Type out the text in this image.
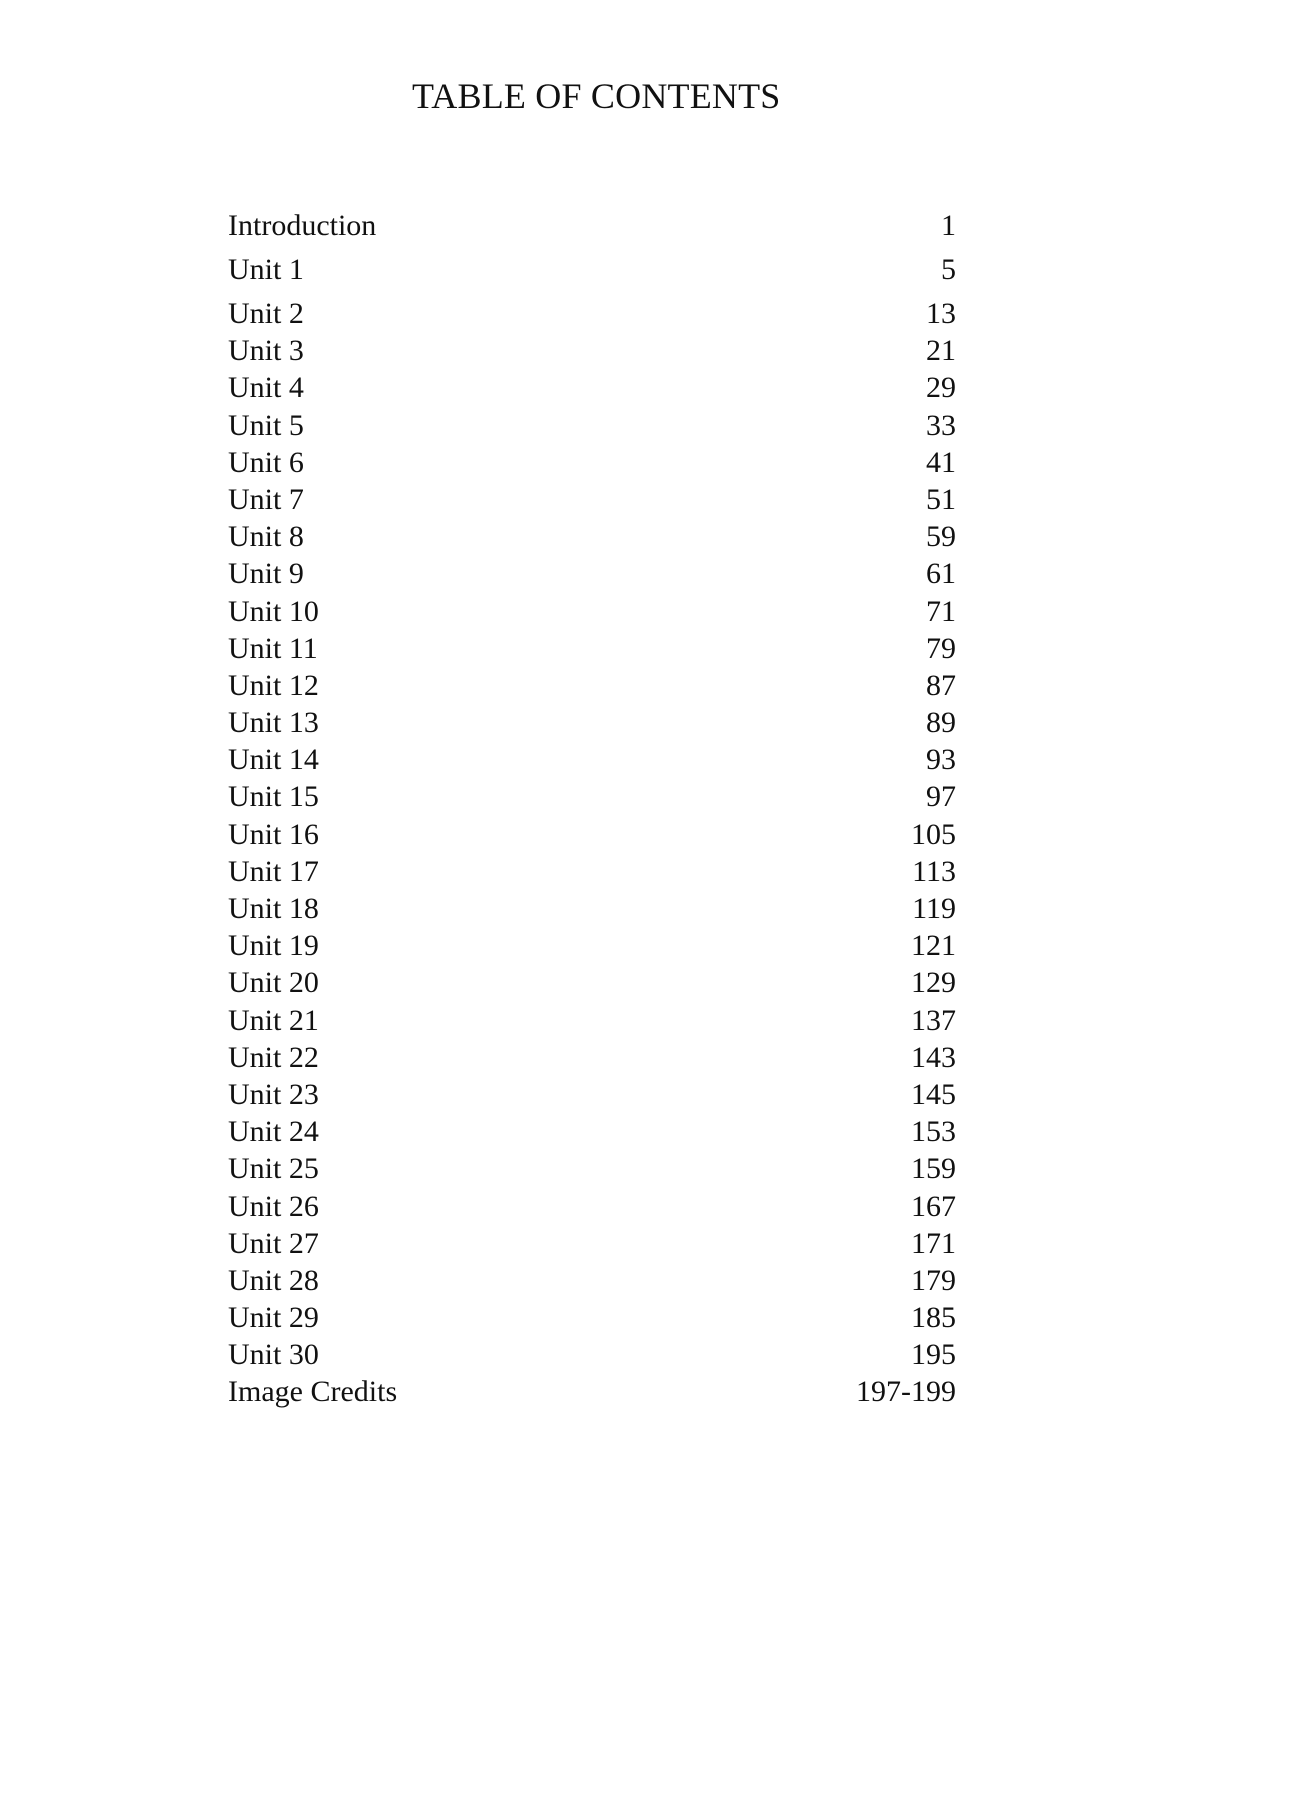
TABLE OF CONTENTS
Introduction	1
Unit 1	5
Unit 2	13
Unit 3	21
Unit 4	29
Unit 5	33
Unit 6	41
Unit 7	51
Unit 8	59
Unit 9	61
Unit 10	71
Unit 11	79
Unit 12	87
Unit 13	89
Unit 14	93
Unit 15	97
Unit 16	105
Unit 17	113
Unit 18	119
Unit 19	121
Unit 20	129
Unit 21	137
Unit 22	143
Unit 23	145
Unit 24	153
Unit 25	159
Unit 26	167
Unit 27	171
Unit 28	179
Unit 29	185
Unit 30	195
Image Credits	197-199
